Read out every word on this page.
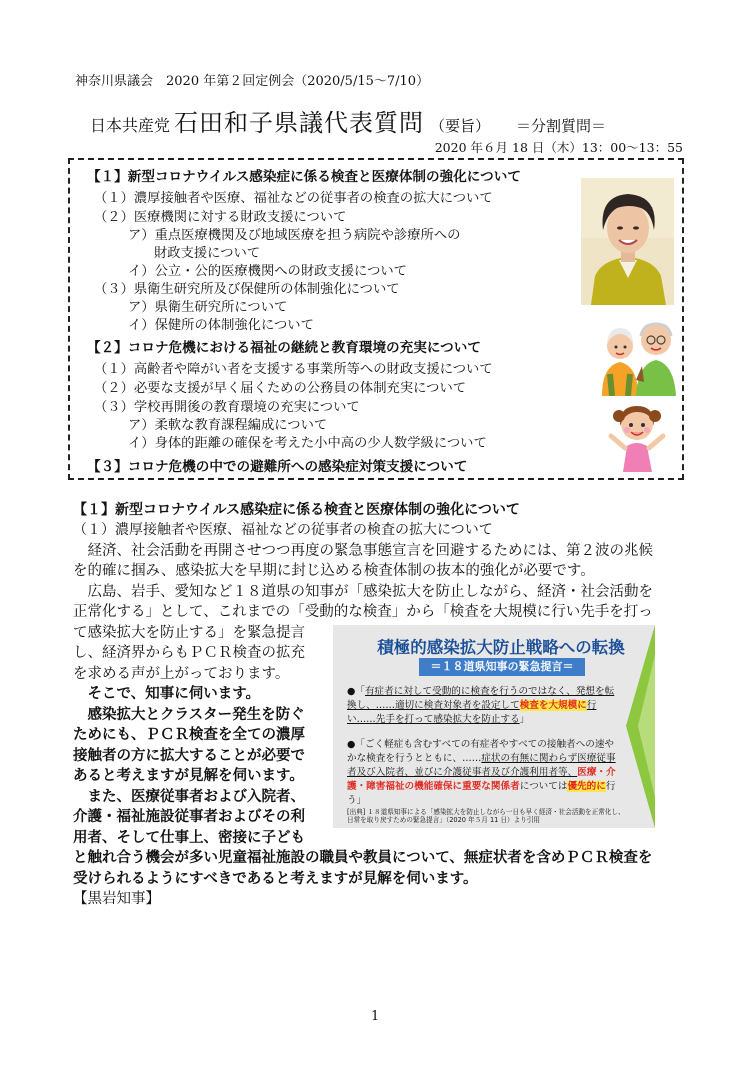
神奈川県議会　2020 年第２回定例会（2020/5/15〜7/10）
日本共産党 石田和子県議代表質問 （要旨） ＝分割質問＝
2020 年６月 18 日（木）13：00〜13：55
【１】新型コロナウイルス感染症に係る検査と医療体制の強化について
（１）濃厚接触者や医療、福祉などの従事者の検査の拡大について
（２）医療機関に対する財政支援について
ア）重点医療機関及び地域医療を担う病院や診療所への
財政支援について
イ）公立・公的医療機関への財政支援について
（３）県衛生研究所及び保健所の体制強化について
ア）県衛生研究所について
イ）保健所の体制強化について
【２】コロナ危機における福祉の継続と教育環境の充実について
（１）高齢者や障がい者を支援する事業所等への財政支援について
（２）必要な支援が早く届くための公務員の体制充実について
（３）学校再開後の教育環境の充実について
ア）柔軟な教育課程編成について
イ）身体的距離の確保を考えた小中高の少人数学級について
【３】コロナ危機の中での避難所への感染症対策支援について
【１】新型コロナウイルス感染症に係る検査と医療体制の強化について
（１）濃厚接触者や医療、福祉などの従事者の検査の拡大について
　経済、社会活動を再開させつつ再度の緊急事態宣言を回避するためには、第２波の兆候
を的確に掴み、感染拡大を早期に封じ込める検査体制の抜本的強化が必要です。
　広島、岩手、愛知など１８道県の知事が「感染拡大を防止しながら、経済・社会活動を
正常化する」として、これまでの「受動的な検査」から「検査を大規模に行い先手を打っ
て感染拡大を防止する」を緊急提言
し、経済界からもＰＣＲ検査の拡充
を求める声が上がっております。
　そこで、知事に伺います。
　感染拡大とクラスター発生を防ぐ
ためにも、ＰＣＲ検査を全ての濃厚
接触者の方に拡大することが必要で
あると考えますが見解を伺います。
　また、医療従事者および入院者、
介護・福祉施設従事者およびその利
用者、そして仕事上、密接に子ども
と触れ合う機会が多い児童福祉施設の職員や教員について、無症状者を含めＰＣＲ検査を
受けられるようにすべきであると考えますが見解を伺います。
【黒岩知事】
積極的感染拡大防止戦略への転換
＝１８道県知事の緊急提言＝
●「有症者に対して受動的に検査を行うのではなく、発想を転換し、……適切に検査対象者を設定して検査を大規模に行い……先手を打って感染拡大を防止する」
●「ごく軽症も含むすべての有症者やすべての接触者への速やかな検査を行うとともに、……症状の有無に関わらず医療従事者及び入院者、並びに介護従事者及び介護利用者等、医療・介護・障害福祉の機能確保に重要な関係者については優先的に行う」
[出典] １８道県知事による「感染拡大を防止しながら一日も早く経済・社会活動を正常化し、日常を取り戻すための緊急提言」（2020 年５月 11 日）より引用
1
